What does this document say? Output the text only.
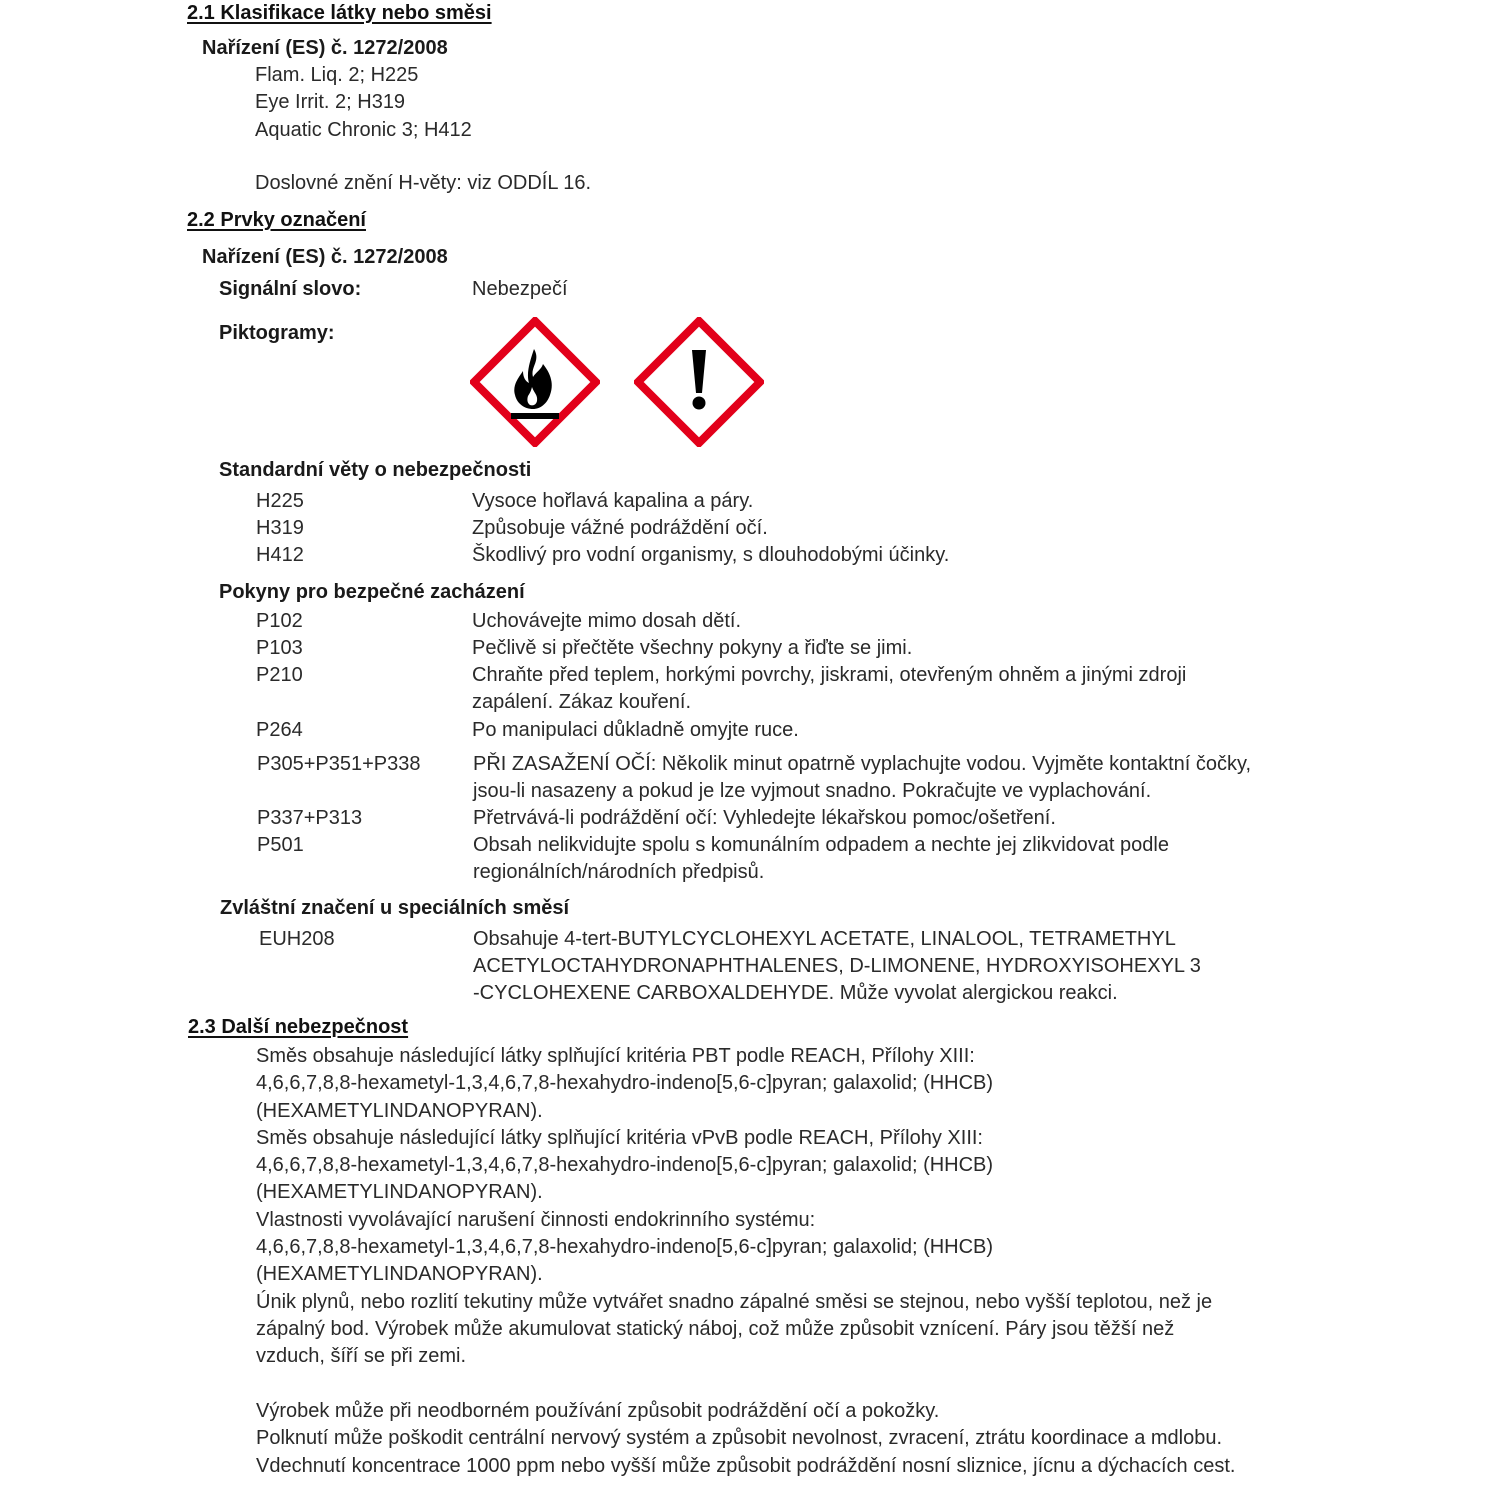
2.1 Klasifikace látky nebo směsi
Nařízení (ES) č. 1272/2008
Flam. Liq. 2; H225
Eye Irrit. 2; H319
Aquatic Chronic 3; H412
Doslovné znění H-věty: viz ODDÍL 16.
2.2 Prvky označení
Nařízení (ES) č. 1272/2008
Signální slovo:	Nebezpečí
Piktogramy:
Standardní věty o nebezpečnosti
H225	Vysoce hořlavá kapalina a páry.
H319	Způsobuje vážné podráždění očí.
H412	Škodlivý pro vodní organismy, s dlouhodobými účinky.
Pokyny pro bezpečné zacházení
P102	Uchovávejte mimo dosah dětí.
P103	Pečlivě si přečtěte všechny pokyny a řiďte se jimi.
P210	Chraňte před teplem, horkými povrchy, jiskrami, otevřeným ohněm a jinými zdroji
zapálení. Zákaz kouření.
P264	Po manipulaci důkladně omyjte ruce.
P305+P351+P338	PŘI ZASAŽENÍ OČÍ: Několik minut opatrně vyplachujte vodou. Vyjměte kontaktní čočky,
jsou-li nasazeny a pokud je lze vyjmout snadno. Pokračujte ve vyplachování.
P337+P313	Přetrvává-li podráždění očí: Vyhledejte lékařskou pomoc/ošetření.
P501	Obsah nelikvidujte spolu s komunálním odpadem a nechte jej zlikvidovat podle
regionálních/národních předpisů.
Zvláštní značení u speciálních směsí
EUH208	Obsahuje 4-tert-BUTYLCYCLOHEXYL ACETATE, LINALOOL, TETRAMETHYL
ACETYLOCTAHYDRONAPHTHALENES, D-LIMONENE, HYDROXYISOHEXYL 3
-CYCLOHEXENE CARBOXALDEHYDE. Může vyvolat alergickou reakci.
2.3 Další nebezpečnost
Směs obsahuje následující látky splňující kritéria PBT podle REACH, Přílohy XIII:
4,6,6,7,8,8-hexametyl-1,3,4,6,7,8-hexahydro-indeno[5,6-c]pyran; galaxolid; (HHCB)
(HEXAMETYLINDANOPYRAN).
Směs obsahuje následující látky splňující kritéria vPvB podle REACH, Přílohy XIII:
4,6,6,7,8,8-hexametyl-1,3,4,6,7,8-hexahydro-indeno[5,6-c]pyran; galaxolid; (HHCB)
(HEXAMETYLINDANOPYRAN).
Vlastnosti vyvolávající narušení činnosti endokrinního systému:
4,6,6,7,8,8-hexametyl-1,3,4,6,7,8-hexahydro-indeno[5,6-c]pyran; galaxolid; (HHCB)
(HEXAMETYLINDANOPYRAN).
Únik plynů, nebo rozlití tekutiny může vytvářet snadno zápalné směsi se stejnou, nebo vyšší teplotou, než je
zápalný bod. Výrobek může akumulovat statický náboj, což může způsobit vznícení. Páry jsou těžší než
vzduch, šíří se při zemi.
Výrobek může při neodborném používání způsobit podráždění očí a pokožky.
Polknutí může poškodit centrální nervový systém a způsobit nevolnost, zvracení, ztrátu koordinace a mdlobu.
Vdechnutí koncentrace 1000 ppm nebo vyšší může způsobit podráždění nosní sliznice, jícnu a dýchacích cest.
